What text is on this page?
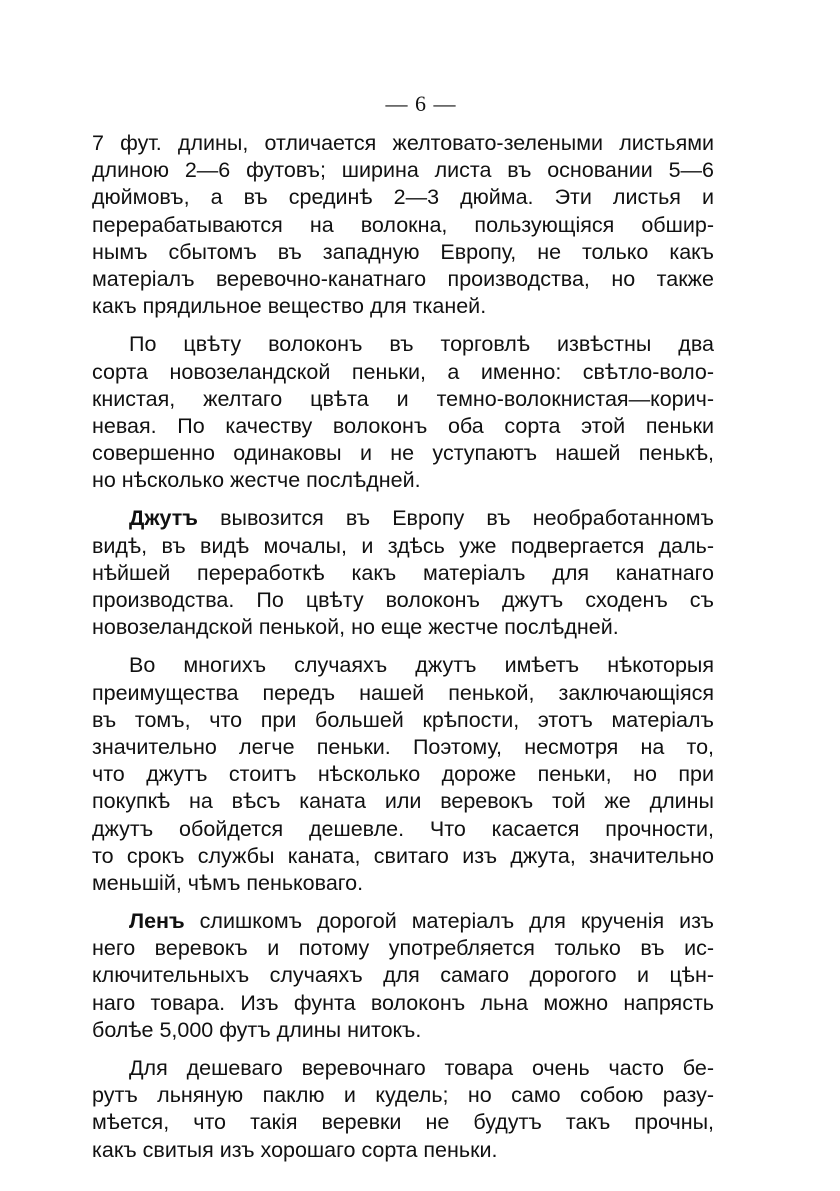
— 6 —
7 фут. длины, отличается желтовато-зелеными листьями
длиною 2—6 футовъ; ширина листа въ основании 5—6
дюймовъ, а въ срединѣ 2—3 дюйма. Эти листья и
перерабатываются на волокна, пользующіяся обшир-
нымъ сбытомъ въ западную Европу, не только какъ
матеріалъ веревочно-канатнаго производства, но также
какъ прядильное вещество для тканей.
По цвѣту волоконъ въ торговлѣ извѣстны два
сорта новозеландской пеньки, а именно: свѣтло-воло-
книстая, желтаго цвѣта и темно-волокнистая—корич-
невая. По качеству волоконъ оба сорта этой пеньки
совершенно одинаковы и не уступаютъ нашей пенькѣ,
но нѣсколько жестче послѣдней.
Джутъ вывозится въ Европу въ необработанномъ
видѣ, въ видѣ мочалы, и здѣсь уже подвергается даль-
нѣйшей переработкѣ какъ матеріалъ для канатнаго
производства. По цвѣту волоконъ джутъ сходенъ съ
новозеландской пенькой, но еще жестче послѣдней.
Во многихъ случаяхъ джутъ имѣетъ нѣкоторыя
преимущества передъ нашей пенькой, заключающіяся
въ томъ, что при большей крѣпости, этотъ матеріалъ
значительно легче пеньки. Поэтому, несмотря на то,
что джутъ стоитъ нѣсколько дороже пеньки, но при
покупкѣ на вѣсъ каната или веревокъ той же длины
джутъ обойдется дешевле. Что касается прочности,
то срокъ службы каната, свитаго изъ джута, значительно
меньшій, чѣмъ пеньковаго.
Ленъ слишкомъ дорогой матеріалъ для крученія изъ
него веревокъ и потому употребляется только въ ис-
ключительныхъ случаяхъ для самаго дорогого и цѣн-
наго товара. Изъ фунта волоконъ льна можно напрясть
болѣе 5,000 футъ длины нитокъ.
Для дешеваго веревочнаго товара очень часто бе-
рутъ льняную паклю и кудель; но само собою разу-
мѣется, что такія веревки не будутъ такъ прочны,
какъ свитыя изъ хорошаго сорта пеньки.
